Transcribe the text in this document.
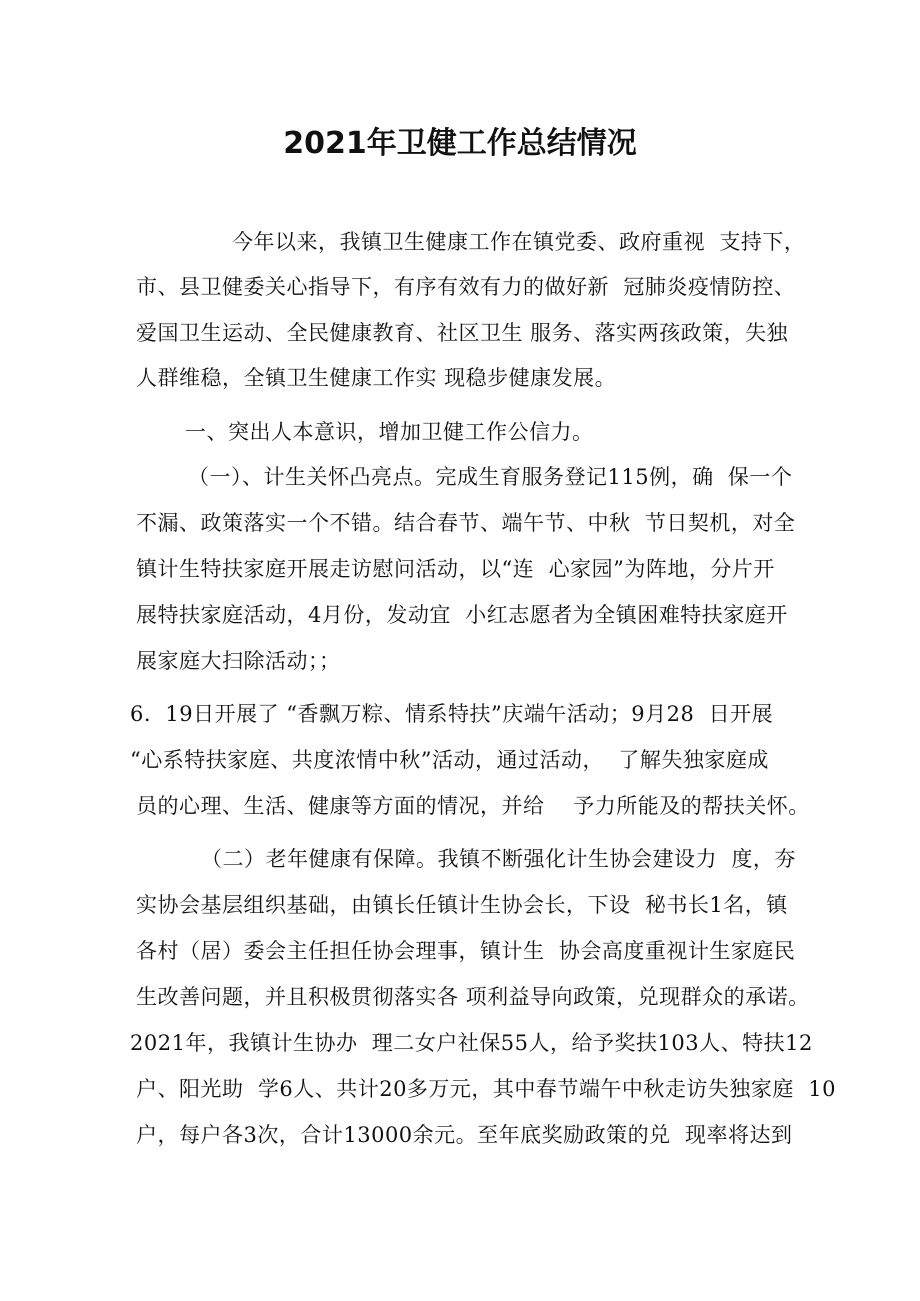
2021年卫健工作总结情况

今年以来，我镇卫生健康工作在镇党委、政府重视  支持下，

市、县卫健委关心指导下，有序有效有力的做好新  冠肺炎疫情防控、

爱国卫生运动、全民健康教育、社区卫生 服务、落实两孩政策，失独

人群维稳，全镇卫生健康工作实 现稳步健康发展。

一、突出人本意识，增加卫健工作公信力。

（一）、计生关怀凸亮点。完成生育服务登记115例，确  保一个

不漏、政策落实一个不错。结合春节、端午节、中秋  节日契机，对全

镇计生特扶家庭开展走访慰问活动，以“连  心家园”为阵地，分片开

展特扶家庭活动，4月份，发动宜  小红志愿者为全镇困难特扶家庭开

展家庭大扫除活动；；

6.  19日开展了 “香飘万粽、情系特扶”庆端午活动；9月28  日开展

“心系特扶家庭、共度浓情中秋”活动，通过活动，  了解失独家庭成

员的心理、生活、健康等方面的情况，并给    予力所能及的帮扶关怀。

（二）老年健康有保障。我镇不断强化计生协会建设力  度，夯

实协会基层组织基础，由镇长任镇计生协会长，下设  秘书长1名，镇

各村（居）委会主任担任协会理事，镇计生  协会高度重视计生家庭民

生改善问题，并且积极贯彻落实各 项利益导向政策，兑现群众的承诺。

2021年，我镇计生协办  理二女户社保55人，给予奖扶103人、特扶12

户、阳光助  学6人、共计20多万元，其中春节端午中秋走访失独家庭  10

户，每户各3次，合计13000余元。至年底奖励政策的兑  现率将达到
